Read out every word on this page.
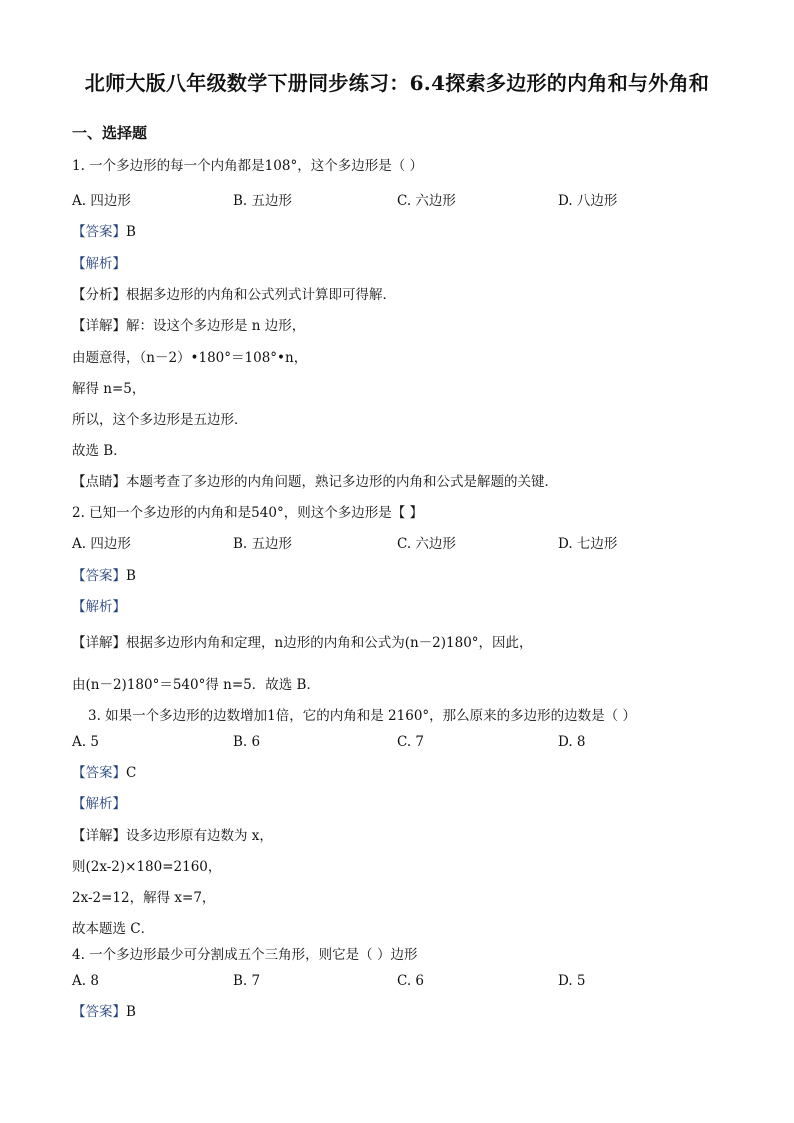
北师大版八年级数学下册同步练习：6.4探索多边形的内角和与外角和
一、选择题
1. 一个多边形的每一个内角都是108°，这个多边形是（ ）
A. 四边形	B. 五边形	C. 六边形	D. 八边形
【答案】B
【解析】
【分析】根据多边形的内角和公式列式计算即可得解．
【详解】解：设这个多边形是 n 边形，
由题意得，（n－2）•180°＝108°•n，
解得 n=5，
所以，这个多边形是五边形．
故选 B．
【点睛】本题考查了多边形的内角问题，熟记多边形的内角和公式是解题的关键．
2. 已知一个多边形的内角和是540°，则这个多边形是【 】
A. 四边形	B. 五边形	C. 六边形	D. 七边形
【答案】B
【解析】
【详解】根据多边形内角和定理，n边形的内角和公式为(n－2)180°，因此，
由(n－2)180°＝540°得 n=5．故选 B．
3. 如果一个多边形的边数增加1倍，它的内角和是 2160°，那么原来的多边形的边数是（ ）
A. 5	B. 6	C. 7	D. 8
【答案】C
【解析】
【详解】设多边形原有边数为 x，
则(2x-2)×180=2160，
2x-2=12，解得 x=7，
故本题选 C．
4. 一个多边形最少可分割成五个三角形，则它是（ ）边形
A. 8	B. 7	C. 6	D. 5
【答案】B
